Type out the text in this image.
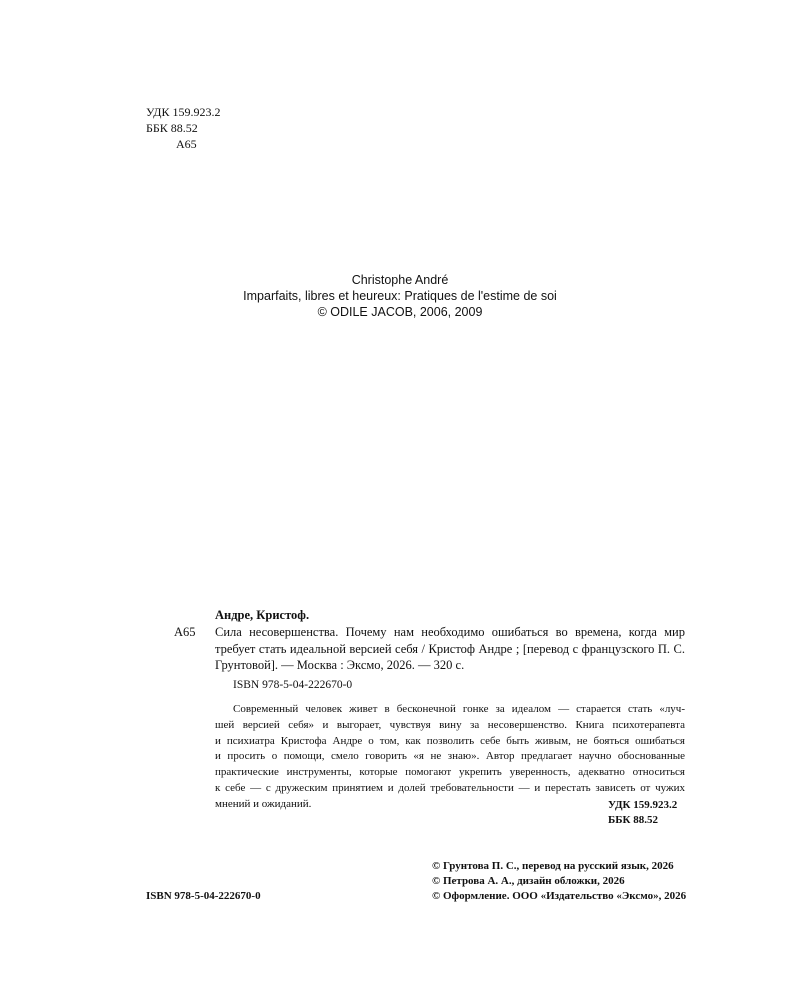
УДК 159.923.2
ББК 88.52
А65
Christophe André
Imparfaits, libres et heureux: Pratiques de l'estime de soi
© ODILE JACOB, 2006, 2009
Андре, Кристоф.
А65 Сила несовершенства. Почему нам необходимо ошибаться во времена, когда мир требует стать идеальной версией себя / Кристоф Андре ; [перевод с французского П. С. Грунтовой]. — Москва : Эксмо, 2026. — 320 с.
ISBN 978-5-04-222670-0
Современный человек живет в бесконечной гонке за идеалом — старается стать «луч-
шей версией себя» и выгорает, чувствуя вину за несовершенство. Книга психотерапевта
и психиатра Кристофа Андре о том, как позволить себе быть живым, не бояться ошибаться
и просить о помощи, смело говорить «я не знаю». Автор предлагает научно обоснованные
практические инструменты, которые помогают укрепить уверенность, адекватно относиться
к себе — с дружеским принятием и долей требовательности — и перестать зависеть от чужих
мнений и ожиданий.	УДК 159.923.2
ББК 88.52
© Грунтова П. С., перевод на русский язык, 2026
© Петрова А. А., дизайн обложки, 2026
© Оформление. ООО «Издательство «Эксмо», 2026
ISBN 978-5-04-222670-0
